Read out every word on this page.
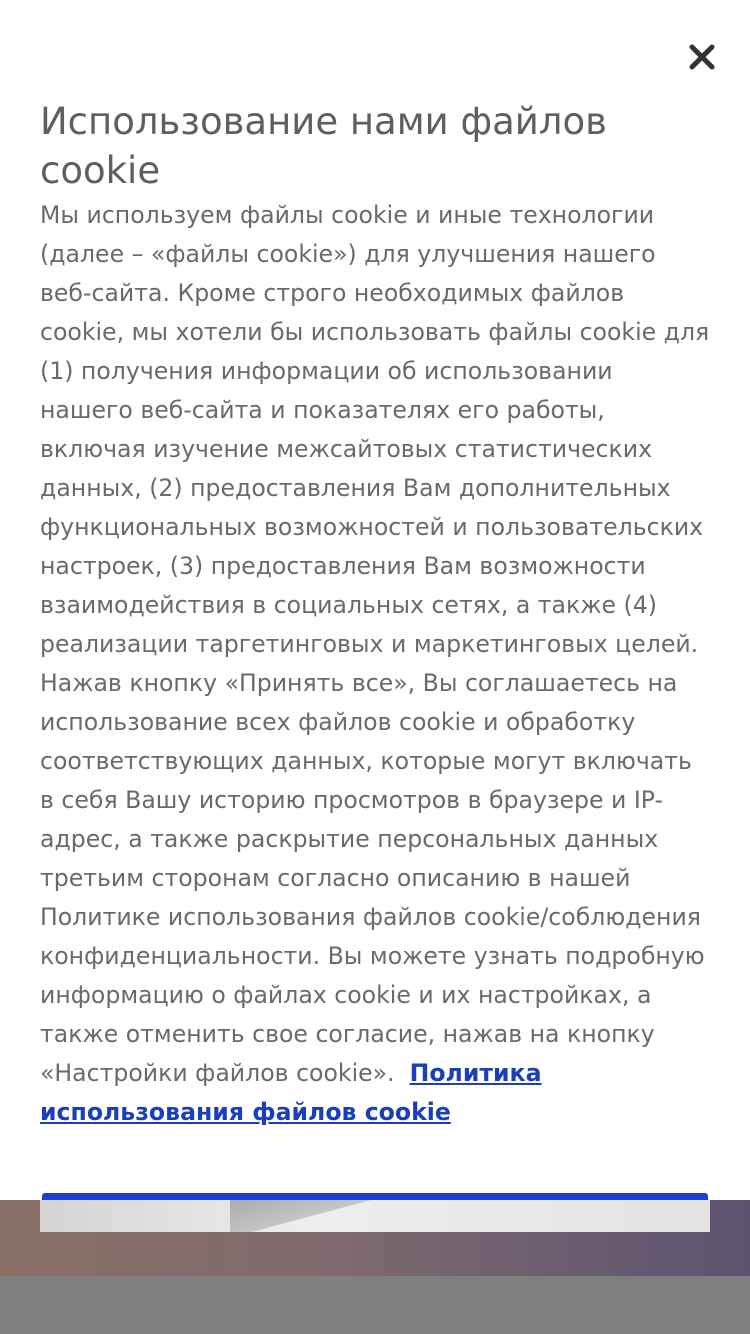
Использование нами файлов cookie

Мы используем файлы cookie и иные технологии (далее – «файлы cookie») для улучшения нашего веб-сайта. Кроме строго необходимых файлов cookie, мы хотели бы использовать файлы cookie для (1) получения информации об использовании нашего веб-сайта и показателях его работы, включая изучение межсайтовых статистических данных, (2) предоставления Вам дополнительных функциональных возможностей и пользовательских настроек, (3) предоставления Вам возможности взаимодействия в социальных сетях, а также (4) реализации таргетинговых и маркетинговых целей. Нажав кнопку «Принять все», Вы соглашаетесь на использование всех файлов cookie и обработку соответствующих данных, которые могут включать в себя Вашу историю просмотров в браузере и IP-адрес, а также раскрытие персональных данных третьим сторонам согласно описанию в нашей Политике использования файлов cookie/соблюдения конфиденциальности. Вы можете узнать подробную информацию о файлах cookie и их настройках, а также отменить свое согласие, нажав на кнопку «Настройки файлов cookie». Политика использования файлов cookie
